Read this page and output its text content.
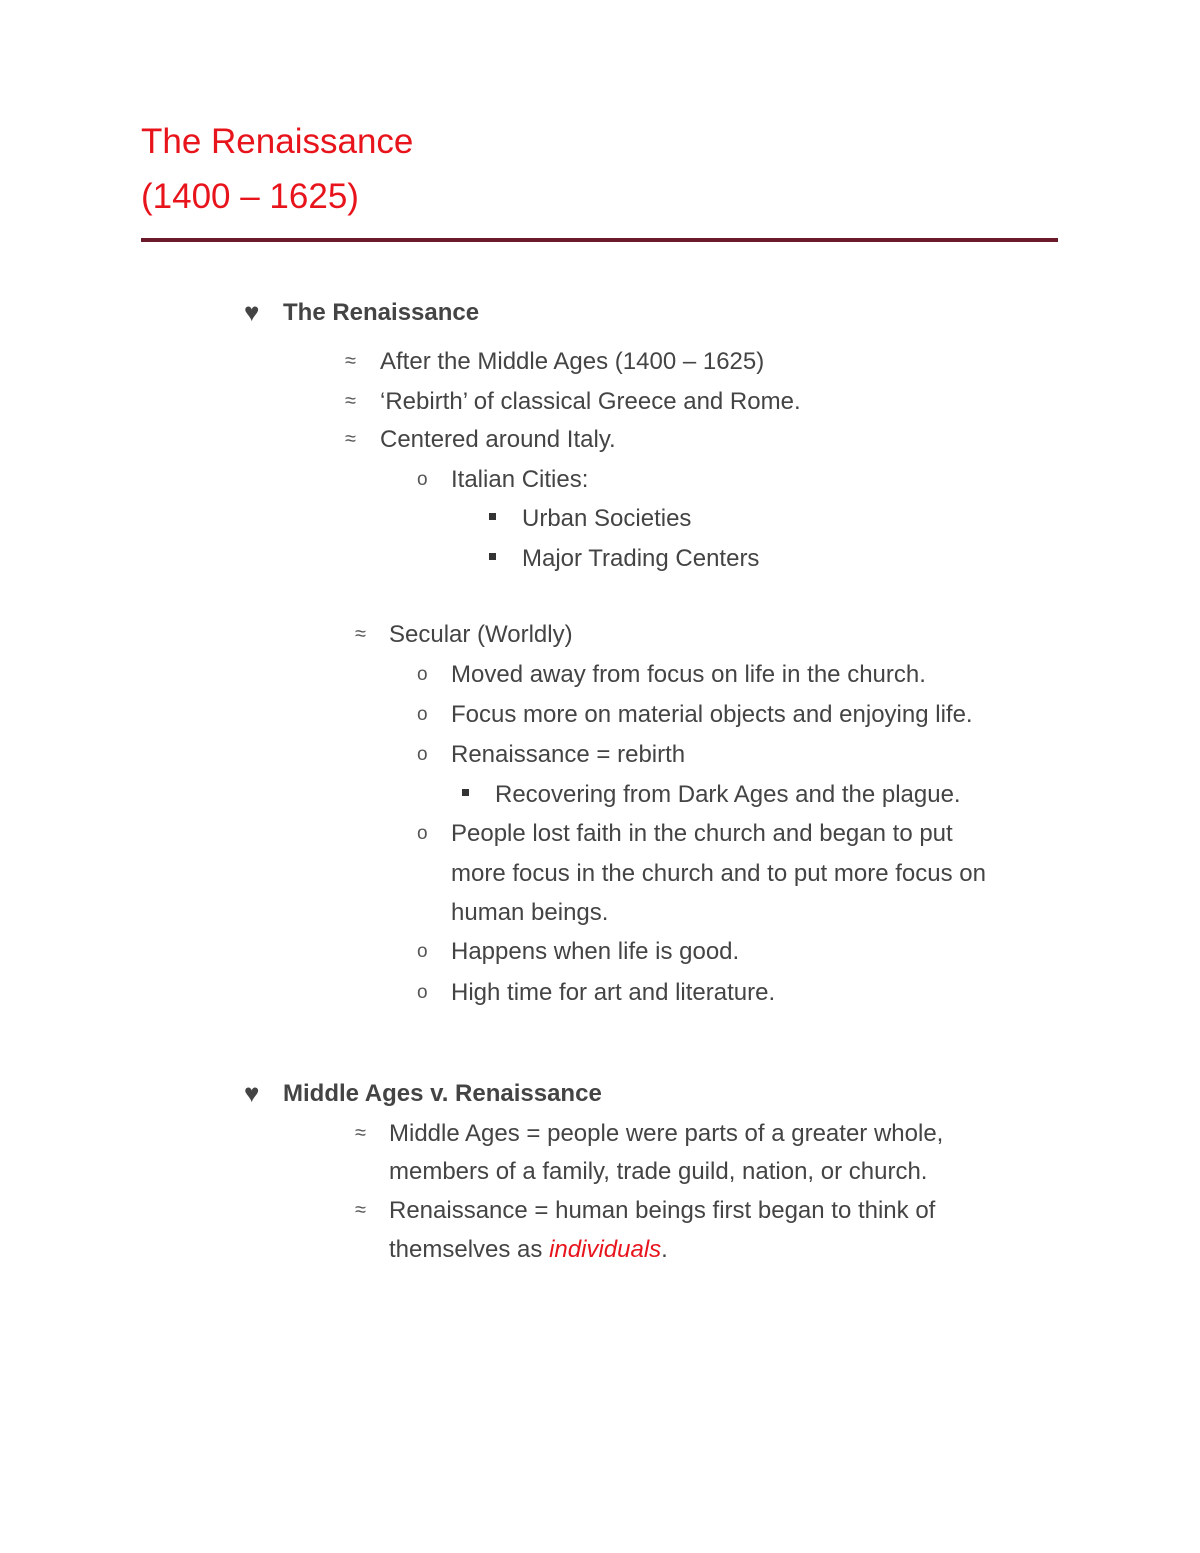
The Renaissance
(1400 – 1625)
♥ The Renaissance
≈ After the Middle Ages (1400 – 1625)
≈ ‘Rebirth’ of classical Greece and Rome.
≈ Centered around Italy.
o Italian Cities:
Urban Societies
Major Trading Centers
≈ Secular (Worldly)
o Moved away from focus on life in the church.
o Focus more on material objects and enjoying life.
o Renaissance = rebirth
Recovering from Dark Ages and the plague.
o People lost faith in the church and began to put
more focus in the church and to put more focus on
human beings.
o Happens when life is good.
o High time for art and literature.
♥ Middle Ages v. Renaissance
≈ Middle Ages = people were parts of a greater whole,
members of a family, trade guild, nation, or church.
≈ Renaissance = human beings first began to think of
themselves as individuals.
